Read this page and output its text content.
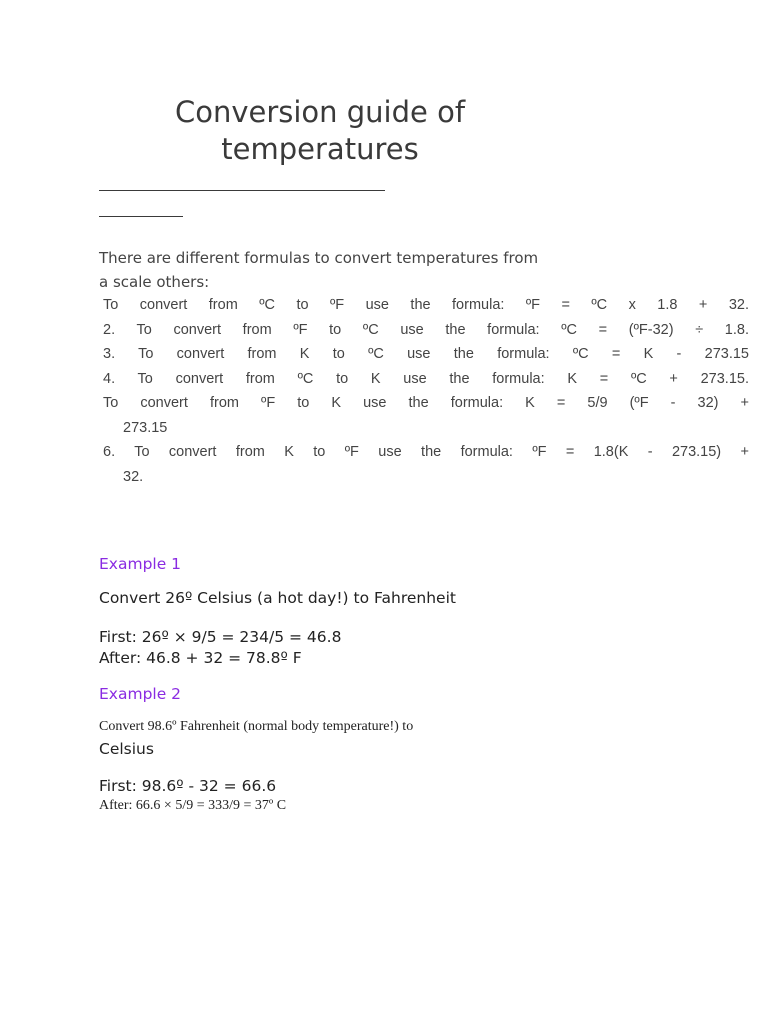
Conversion guide of
temperatures

There are different formulas to convert temperatures from
a scale others:

To convert from ºC to ºF use the formula: ºF = ºC x 1.8 + 32.
2. To convert from ºF to ºC use the formula: ºC = (ºF-32) ÷ 1.8.
3. To convert from K to ºC use the formula: ºC = K - 273.15
4. To convert from ºC to K use the formula: K = ºC + 273.15.
To convert from ºF to K use the formula: K = 5/9 (ºF - 32) +
273.15
6. To convert from K to ºF use the formula: ºF = 1.8(K - 273.15) +
32.
Example 1
Convert 26º Celsius (a hot day!) to Fahrenheit
First: 26º × 9/5 = 234/5 = 46.8
After: 46.8 + 32 = 78.8º F
Example 2
Convert 98.6º Fahrenheit (normal body temperature!) to
Celsius
First: 98.6º - 32 = 66.6
After: 66.6 × 5/9 = 333/9 = 37º C
